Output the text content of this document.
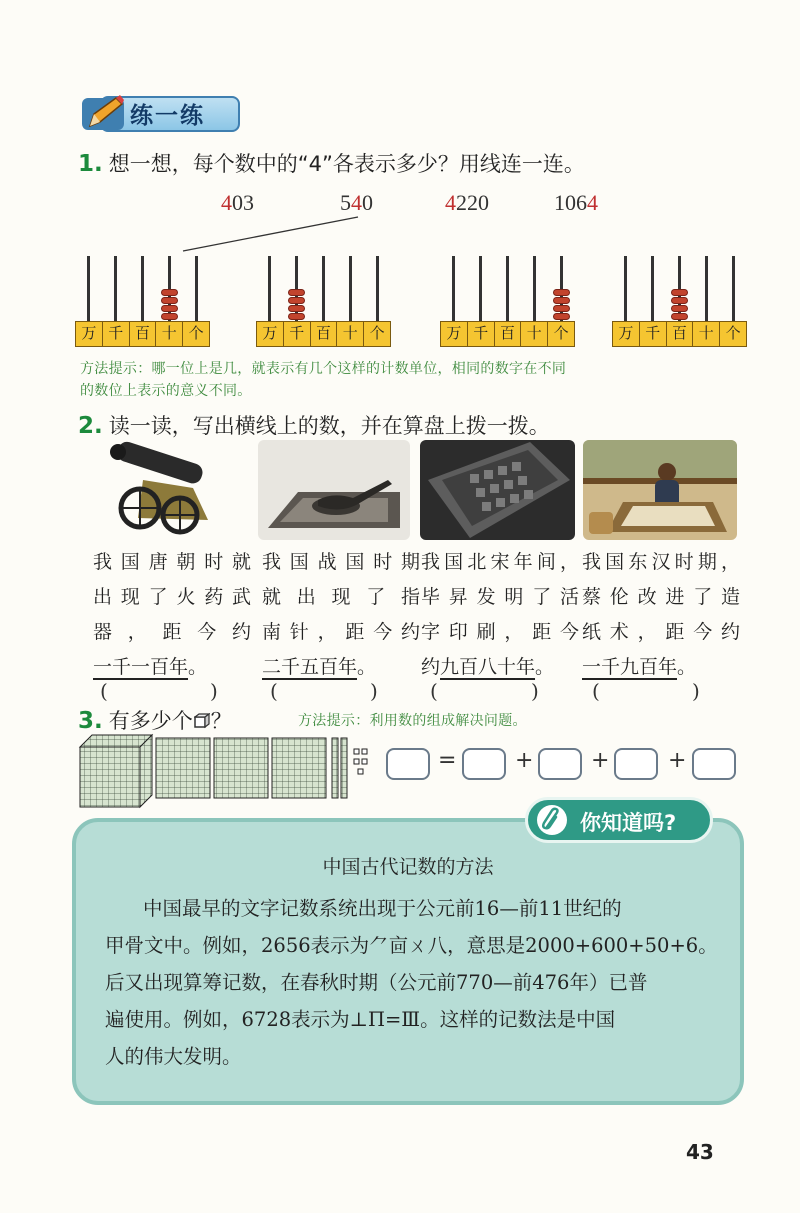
练一练
1. 想一想，每个数中的“4”各表示多少？用线连一连。
403	540	4220	1064
万 千 百 十 个	万 千 百 十 个	万 千 百 十 个	万 千 百 十 个
方法提示：哪一位上是几，就表示有几个这样的计数单位，相同的数字在不同
的数位上表示的意义不同。
2. 读一读，写出横线上的数，并在算盘上拨一拨。
我国唐朝时就
出现了火药武
器，距今约
一千一百年。
(	)
我国战国时期
就出现了指
南针，距今约
二千五百年。
(	)
我国北宋年间，
毕昇发明了活
字印刷，距今
约九百八十年。
(	)
我国东汉时期，
蔡伦改进了造
纸术，距今约
一千九百年。
(	)
3. 有多少个 ？	方法提示：利用数的组成解决问题。
=	+	+	+
你知道吗?
中国古代记数的方法
中国最早的文字记数系统出现于公元前16—前11世纪的
甲骨文中。例如，2656表示为⺈㐭ㄨ八，意思是2000+600+50+6。
后又出现算筹记数，在春秋时期（公元前770—前476年）已普
遍使用。例如，6728表示为⊥Π=Ⅲ。这样的记数法是中国
人的伟大发明。
43
